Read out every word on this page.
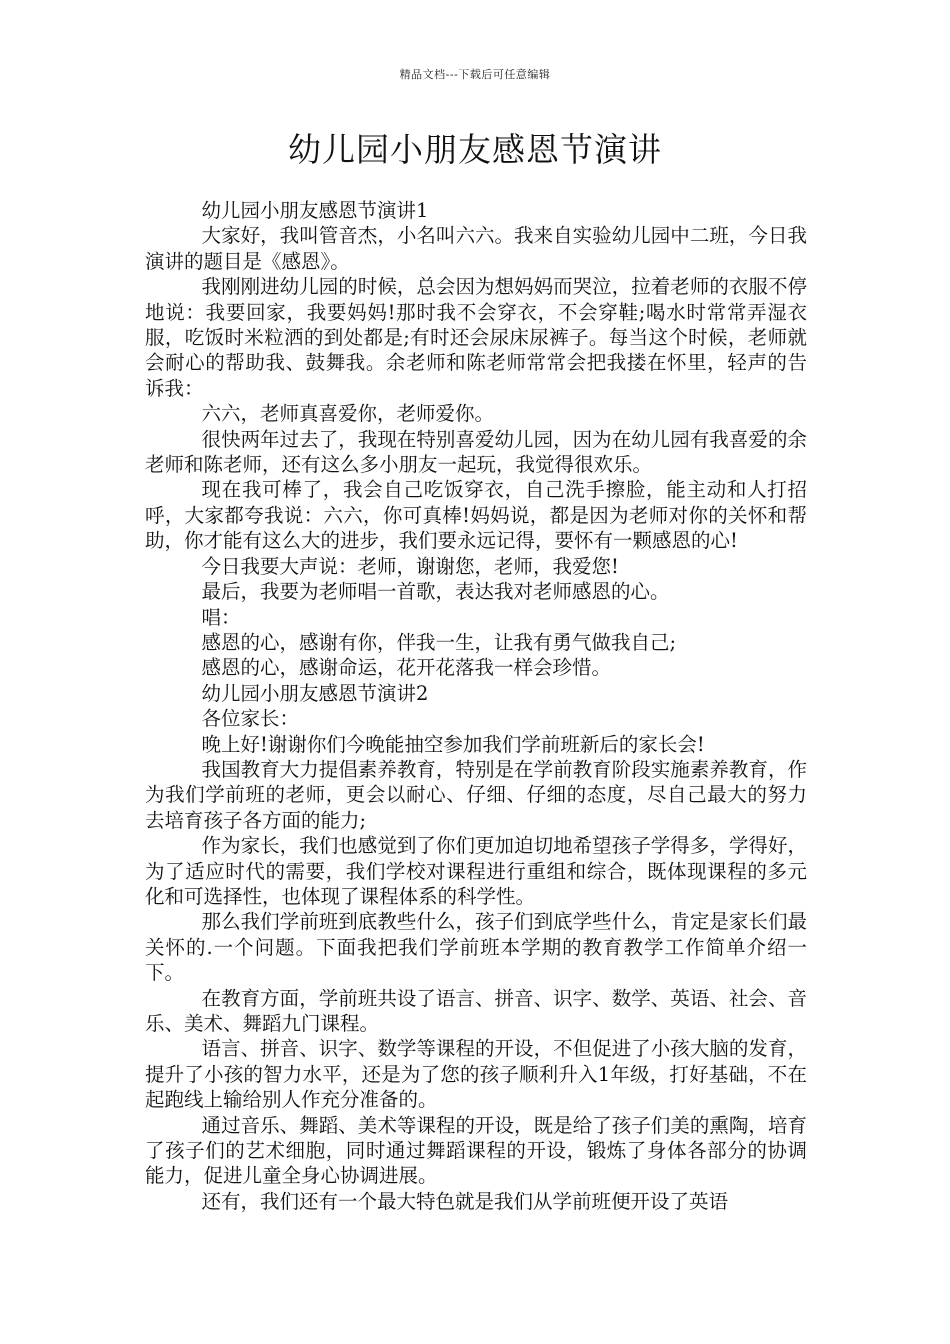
精品文档---下载后可任意编辑
幼儿园小朋友感恩节演讲

幼儿园小朋友感恩节演讲1

大家好，我叫管音杰，小名叫六六。我来自实验幼儿园中二班，今日我演讲的题目是《感恩》。

我刚刚进幼儿园的时候，总会因为想妈妈而哭泣，拉着老师的衣服不停地说：我要回家，我要妈妈!那时我不会穿衣，不会穿鞋;喝水时常常弄湿衣服，吃饭时米粒洒的到处都是;有时还会尿床尿裤子。每当这个时候，老师就会耐心的帮助我、鼓舞我。余老师和陈老师常常会把我搂在怀里，轻声的告诉我：

六六，老师真喜爱你，老师爱你。

很快两年过去了，我现在特别喜爱幼儿园，因为在幼儿园有我喜爱的余老师和陈老师，还有这么多小朋友一起玩，我觉得很欢乐。

现在我可棒了，我会自己吃饭穿衣，自己洗手擦脸，能主动和人打招呼，大家都夸我说：六六，你可真棒!妈妈说，都是因为老师对你的关怀和帮助，你才能有这么大的进步，我们要永远记得，要怀有一颗感恩的心!

今日我要大声说：老师，谢谢您，老师，我爱您!

最后，我要为老师唱一首歌，表达我对老师感恩的心。

唱：

感恩的心，感谢有你，伴我一生，让我有勇气做我自己;

感恩的心，感谢命运，花开花落我一样会珍惜。

幼儿园小朋友感恩节演讲2

各位家长：

晚上好!谢谢你们今晚能抽空参加我们学前班新后的家长会!

我国教育大力提倡素养教育，特别是在学前教育阶段实施素养教育，作为我们学前班的老师，更会以耐心、仔细、仔细的态度，尽自己最大的努力去培育孩子各方面的能力;

作为家长，我们也感觉到了你们更加迫切地希望孩子学得多，学得好，为了适应时代的需要，我们学校对课程进行重组和综合，既体现课程的多元化和可选择性，也体现了课程体系的科学性。

那么我们学前班到底教些什么，孩子们到底学些什么，肯定是家长们最关怀的.一个问题。下面我把我们学前班本学期的教育教学工作简单介绍一下。

在教育方面，学前班共设了语言、拼音、识字、数学、英语、社会、音乐、美术、舞蹈九门课程。

语言、拼音、识字、数学等课程的开设，不但促进了小孩大脑的发育，提升了小孩的智力水平，还是为了您的孩子顺利升入1年级，打好基础，不在起跑线上输给别人作充分准备的。

通过音乐、舞蹈、美术等课程的开设，既是给了孩子们美的熏陶，培育了孩子们的艺术细胞，同时通过舞蹈课程的开设，锻炼了身体各部分的协调能力，促进儿童全身心协调进展。

还有，我们还有一个最大特色就是我们从学前班便开设了英语
